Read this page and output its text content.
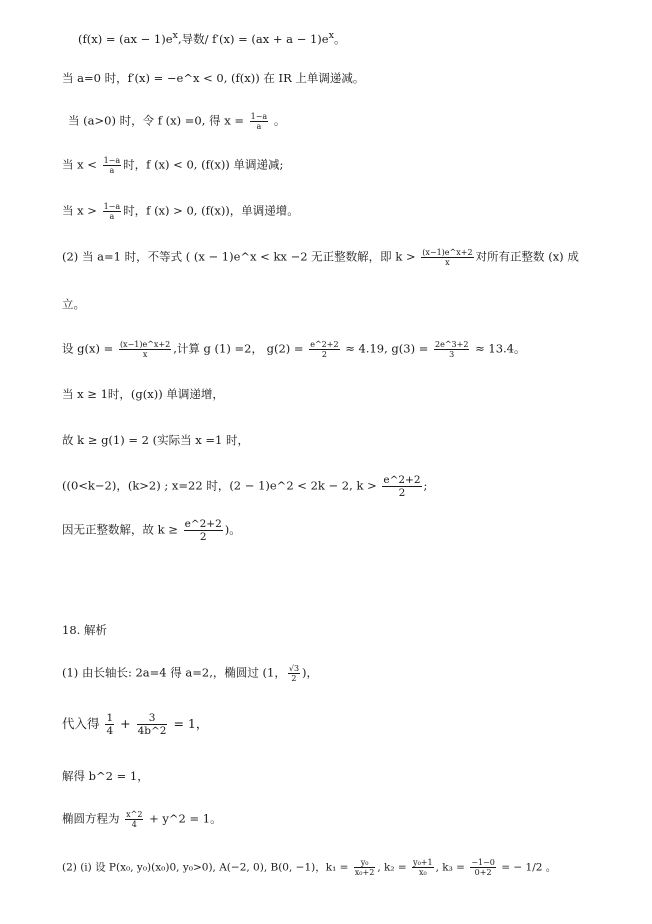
($f(x) = (ax - 1)e^x$,导数/ $f'(x) = (ax + a - 1)e^x$。
当 a=0 时，f′(x) = −e^x < 0, (f(x)) 在 IR 上单调递减。
当 (a>0) 时，令 f (x) =0, 得 $x = \frac{1-a}{a}$ 。
当 $x < \frac{1-a}{a}$ 时，f (x) < 0, (f(x)) 单调递减;
当 $x > \frac{1-a}{a}$ 时，f (x) > 0, (f(x))，单调递增。
(2) 当 a=1 时，不等式 ( (x − 1)e^x < kx −2 无正整数解，即 $k > \frac{(x-1)e\^{}x+2}{x}$ 对所有正整数 (x) 成
立。
设 $g(x) = \frac{(x-1)e\^{}x+2}{x}$ ,计算 g (1) =2， $g(2) = \frac{e\^{}2+2}{2} \approx 4.19$, $g(3) = \frac{2e\^{}3+2}{3} \approx 13.4$。
当 x ≥ 1时，(g(x)) 单调递增，
故 k ≥ g(1) = 2 (实际当 x =1 时，
((0<k−2)，(k>2) ; x=22 时，(2 − 1)e^2 < 2k − 2, $k > \frac{e\^{}2+2}{2}$ ;
因无正整数解，故 $k \ge \frac{e\^{}2+2}{2}$ )。
18. 解析
(1) 由长轴长: 2a=4 得 a=2,，椭圆过 (1， $\frac{√3}{2}$ )，
代入得 $\frac{1}{4} + \frac{3}{4b\^{}2} = 1$，
解得 b^2 = 1，
椭圆方程为 $\frac{x\^{}2}{4}$ + y^2 = 1。
(2) (i) 设 P(x₀, y₀)(x₀)0, y₀>0), A(−2, 0), B(0, −1)，$k_1 = \frac{\text{y₀}}{\text{x₀+2}}$ , $k_2 = \frac{\text{y₀+1}}{\text{x₀}}$ , $k_3 = \frac{-1-0}{0+2}$ = − 1/2 。
